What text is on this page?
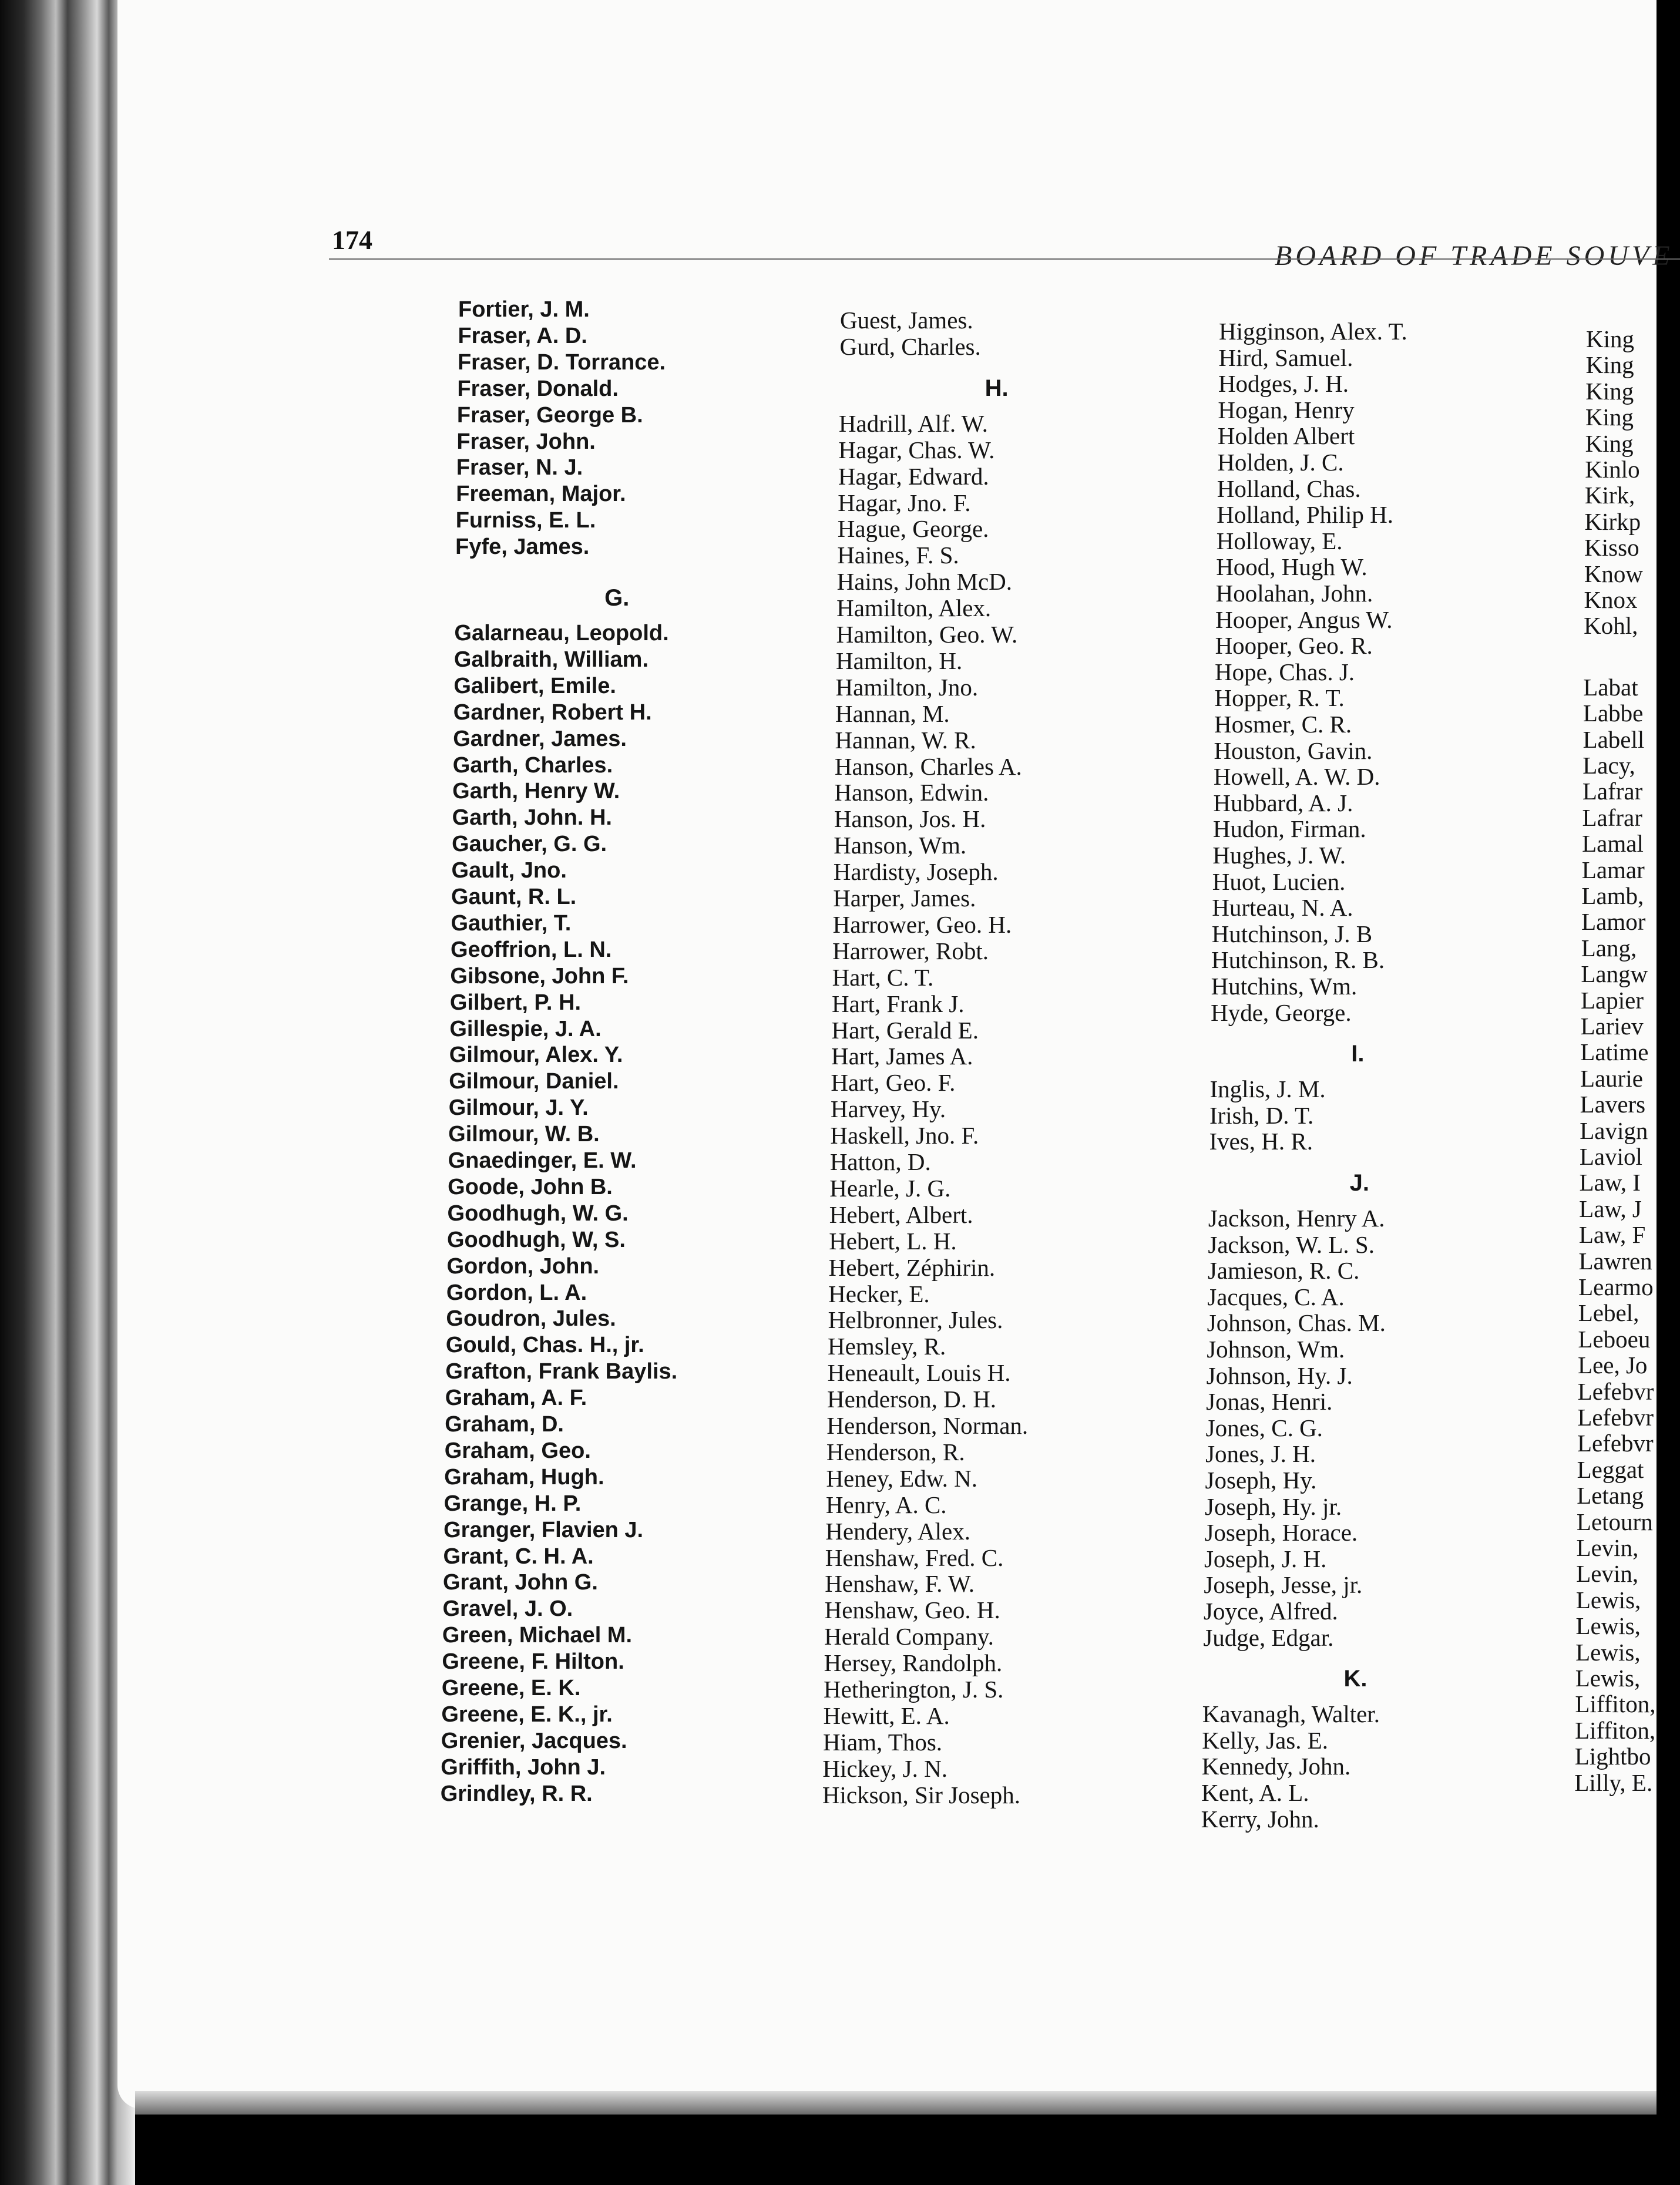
174
BOARD OF TRADE SOUVE
Fortier, J. M.
Fraser, A. D.
Fraser, D. Torrance.
Fraser, Donald.
Fraser, George B.
Fraser, John.
Fraser, N. J.
Freeman, Major.
Furniss, E. L.
Fyfe, James.
G.
Galarneau, Leopold.
Galbraith, William.
Galibert, Emile.
Gardner, Robert H.
Gardner, James.
Garth, Charles.
Garth, Henry W.
Garth, John. H.
Gaucher, G. G.
Gault, Jno.
Gaunt, R. L.
Gauthier, T.
Geoffrion, L. N.
Gibsone, John F.
Gilbert, P. H.
Gillespie, J. A.
Gilmour, Alex. Y.
Gilmour, Daniel.
Gilmour, J. Y.
Gilmour, W. B.
Gnaedinger, E. W.
Goode, John B.
Goodhugh, W. G.
Goodhugh, W, S.
Gordon, John.
Gordon, L. A.
Goudron, Jules.
Gould, Chas. H., jr.
Grafton, Frank Baylis.
Graham, A. F.
Graham, D.
Graham, Geo.
Graham, Hugh.
Grange, H. P.
Granger, Flavien J.
Grant, C. H. A.
Grant, John G.
Gravel, J. O.
Green, Michael M.
Greene, F. Hilton.
Greene, E. K.
Greene, E. K., jr.
Grenier, Jacques.
Griffith, John J.
Grindley, R. R.
Guest, James.
Gurd, Charles.
H.
Hadrill, Alf. W.
Hagar, Chas. W.
Hagar, Edward.
Hagar, Jno. F.
Hague, George.
Haines, F. S.
Hains, John McD.
Hamilton, Alex.
Hamilton, Geo. W.
Hamilton, H.
Hamilton, Jno.
Hannan, M.
Hannan, W. R.
Hanson, Charles A.
Hanson, Edwin.
Hanson, Jos. H.
Hanson, Wm.
Hardisty, Joseph.
Harper, James.
Harrower, Geo. H.
Harrower, Robt.
Hart, C. T.
Hart, Frank J.
Hart, Gerald E.
Hart, James A.
Hart, Geo. F.
Harvey, Hy.
Haskell, Jno. F.
Hatton, D.
Hearle, J. G.
Hebert, Albert.
Hebert, L. H.
Hebert, Zéphirin.
Hecker, E.
Helbronner, Jules.
Hemsley, R.
Heneault, Louis H.
Henderson, D. H.
Henderson, Norman.
Henderson, R.
Heney, Edw. N.
Henry, A. C.
Hendery, Alex.
Henshaw, Fred. C.
Henshaw, F. W.
Henshaw, Geo. H.
Herald Company.
Hersey, Randolph.
Hetherington, J. S.
Hewitt, E. A.
Hiam, Thos.
Hickey, J. N.
Hickson, Sir Joseph.
Higginson, Alex. T.
Hird, Samuel.
Hodges, J. H.
Hogan, Henry
Holden Albert
Holden, J. C.
Holland, Chas.
Holland, Philip H.
Holloway, E.
Hood, Hugh W.
Hoolahan, John.
Hooper, Angus W.
Hooper, Geo. R.
Hope, Chas. J.
Hopper, R. T.
Hosmer, C. R.
Houston, Gavin.
Howell, A. W. D.
Hubbard, A. J.
Hudon, Firman.
Hughes, J. W.
Huot, Lucien.
Hurteau, N. A.
Hutchinson, J. B
Hutchinson, R. B.
Hutchins, Wm.
Hyde, George.
I.
Inglis, J. M.
Irish, D. T.
Ives, H. R.
J.
Jackson, Henry A.
Jackson, W. L. S.
Jamieson, R. C.
Jacques, C. A.
Johnson, Chas. M.
Johnson, Wm.
Johnson, Hy. J.
Jonas, Henri.
Jones, C. G.
Jones, J. H.
Joseph, Hy.
Joseph, Hy. jr.
Joseph, Horace.
Joseph, J. H.
Joseph, Jesse, jr.
Joyce, Alfred.
Judge, Edgar.
K.
Kavanagh, Walter.
Kelly, Jas. E.
Kennedy, John.
Kent, A. L.
Kerry, John.
King
King
King
King
King
Kinlo
Kirk,
Kirkp
Kisso
Know
Knox
Kohl,
Labat
Labbe
Labell
Lacy,
Lafrar
Lafrar
Lamal
Lamar
Lamb,
Lamor
Lang,
Langw
Lapier
Lariev
Latime
Laurie
Lavers
Lavign
Laviol
Law, I
Law, J
Law, F
Lawren
Learmo
Lebel,
Leboeu
Lee, Jo
Lefebvr
Lefebvr
Lefebvr
Leggat
Letang
Letourn
Levin,
Levin,
Lewis,
Lewis,
Lewis,
Lewis,
Liffiton,
Liffiton,
Lightbo
Lilly, E.
